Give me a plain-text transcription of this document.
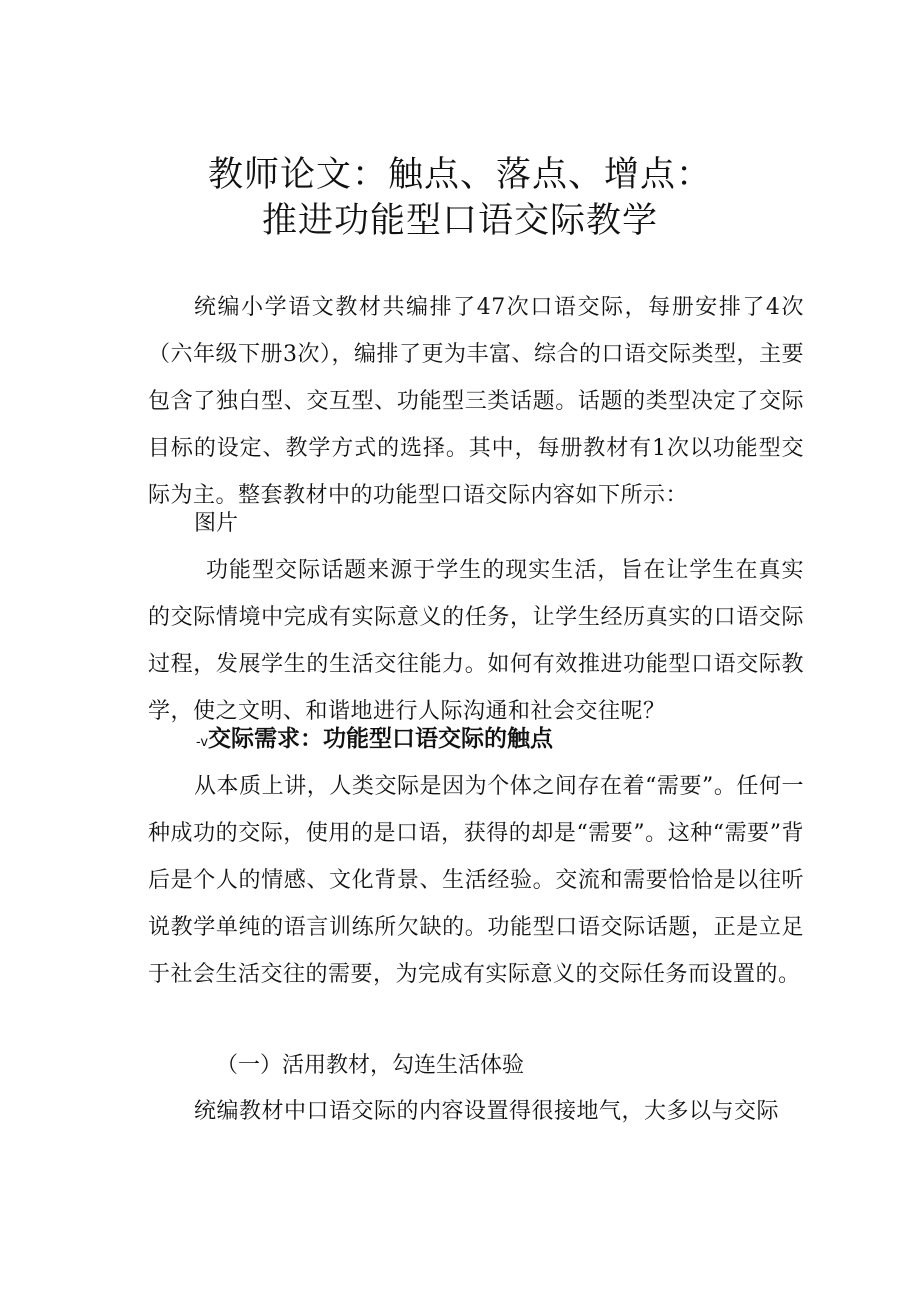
教师论文：触点、落点、增点：
推进功能型口语交际教学

统编小学语文教材共编排了47次口语交际，每册安排了4次（六年级下册3次），编排了更为丰富、综合的口语交际类型，主要包含了独白型、交互型、功能型三类话题。话题的类型决定了交际目标的设定、教学方式的选择。其中，每册教材有1次以功能型交际为主。整套教材中的功能型口语交际内容如下所示：

图片

功能型交际话题来源于学生的现实生活，旨在让学生在真实的交际情境中完成有实际意义的任务，让学生经历真实的口语交际过程，发展学生的生活交往能力。如何有效推进功能型口语交际教学，使之文明、和谐地进行人际沟通和社会交往呢？

-v交际需求：功能型口语交际的触点

从本质上讲，人类交际是因为个体之间存在着“需要”。任何一种成功的交际，使用的是口语，获得的却是“需要”。这种“需要”背后是个人的情感、文化背景、生活经验。交流和需要恰恰是以往听说教学单纯的语言训练所欠缺的。功能型口语交际话题，正是立足于社会生活交往的需要，为完成有实际意义的交际任务而设置的。

（一）活用教材，勾连生活体验

统编教材中口语交际的内容设置得很接地气，大多以与交际
